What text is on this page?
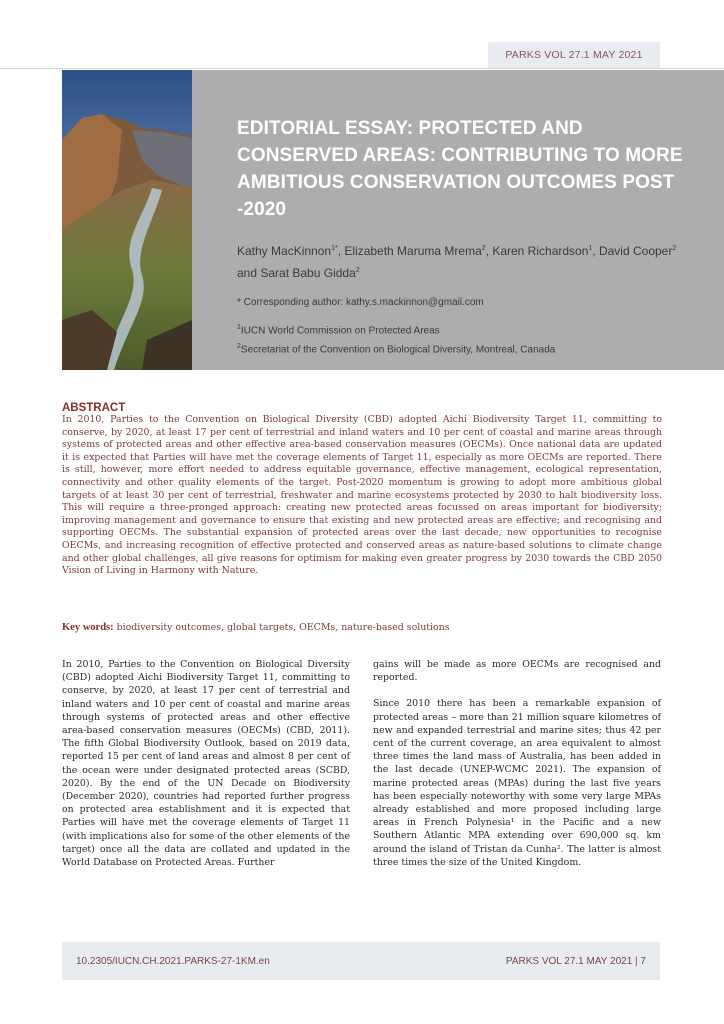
PARKS VOL 27.1 MAY 2021
EDITORIAL ESSAY: PROTECTED AND CONSERVED AREAS: CONTRIBUTING TO MORE AMBITIOUS CONSERVATION OUTCOMES POST -2020
Kathy MacKinnon$^{1*}$, Elizabeth Maruma Mrema$^2$, Karen Richardson$^1$, David Cooper$^2$ and Sarat Babu Gidda$^2$
* Corresponding author: kathy.s.mackinnon@gmail.com
$^1$IUCN World Commission on Protected Areas
$^2$Secretariat of the Convention on Biological Diversity, Montreal, Canada
ABSTRACT
In 2010, Parties to the Convention on Biological Diversity (CBD) adopted Aichi Biodiversity Target 11, committing to conserve, by 2020, at least 17 per cent of terrestrial and inland waters and 10 per cent of coastal and marine areas through systems of protected areas and other effective area-based conservation measures (OECMs). Once national data are updated it is expected that Parties will have met the coverage elements of Target 11, especially as more OECMs are reported. There is still, however, more effort needed to address equitable governance, effective management, ecological representation, connectivity and other quality elements of the target. Post-2020 momentum is growing to adopt more ambitious global targets of at least 30 per cent of terrestrial, freshwater and marine ecosystems protected by 2030 to halt biodiversity loss. This will require a three-pronged approach: creating new protected areas focussed on areas important for biodiversity; improving management and governance to ensure that existing and new protected areas are effective; and recognising and supporting OECMs. The substantial expansion of protected areas over the last decade, new opportunities to recognise OECMs, and increasing recognition of effective protected and conserved areas as nature-based solutions to climate change and other global challenges, all give reasons for optimism for making even greater progress by 2030 towards the CBD 2050 Vision of Living in Harmony with Nature.
Key words: biodiversity outcomes, global targets, OECMs, nature-based solutions

In 2010, Parties to the Convention on Biological Diversity (CBD) adopted Aichi Biodiversity Target 11, committing to conserve, by 2020, at least 17 per cent of terrestrial and inland waters and 10 per cent of coastal and marine areas through systems of protected areas and other effective area-based conservation measures (OECMs) (CBD, 2011). The fifth Global Biodiversity Outlook, based on 2019 data, reported 15 per cent of land areas and almost 8 per cent of the ocean were under designated protected areas (SCBD, 2020). By the end of the UN Decade on Biodiversity (December 2020), countries had reported further progress on protected area establishment and it is expected that Parties will have met the coverage elements of Target 11 (with implications also for some of the other elements of the target) once all the data are collated and updated in the World Database on Protected Areas. Further

gains will be made as more OECMs are recognised and reported.

Since 2010 there has been a remarkable expansion of protected areas – more than 21 million square kilometres of new and expanded terrestrial and marine sites; thus 42 per cent of the current coverage, an area equivalent to almost three times the land mass of Australia, has been added in the last decade (UNEP-WCMC 2021). The expansion of marine protected areas (MPAs) during the last five years has been especially noteworthy with some very large MPAs already established and more proposed including large areas in French Polynesia¹ in the Pacific and a new Southern Atlantic MPA extending over 690,000 sq. km around the island of Tristan da Cunha². The latter is almost three times the size of the United Kingdom.

10.2305/IUCN.CH.2021.PARKS-27-1KM.en	PARKS VOL 27.1 MAY 2021 | 7
